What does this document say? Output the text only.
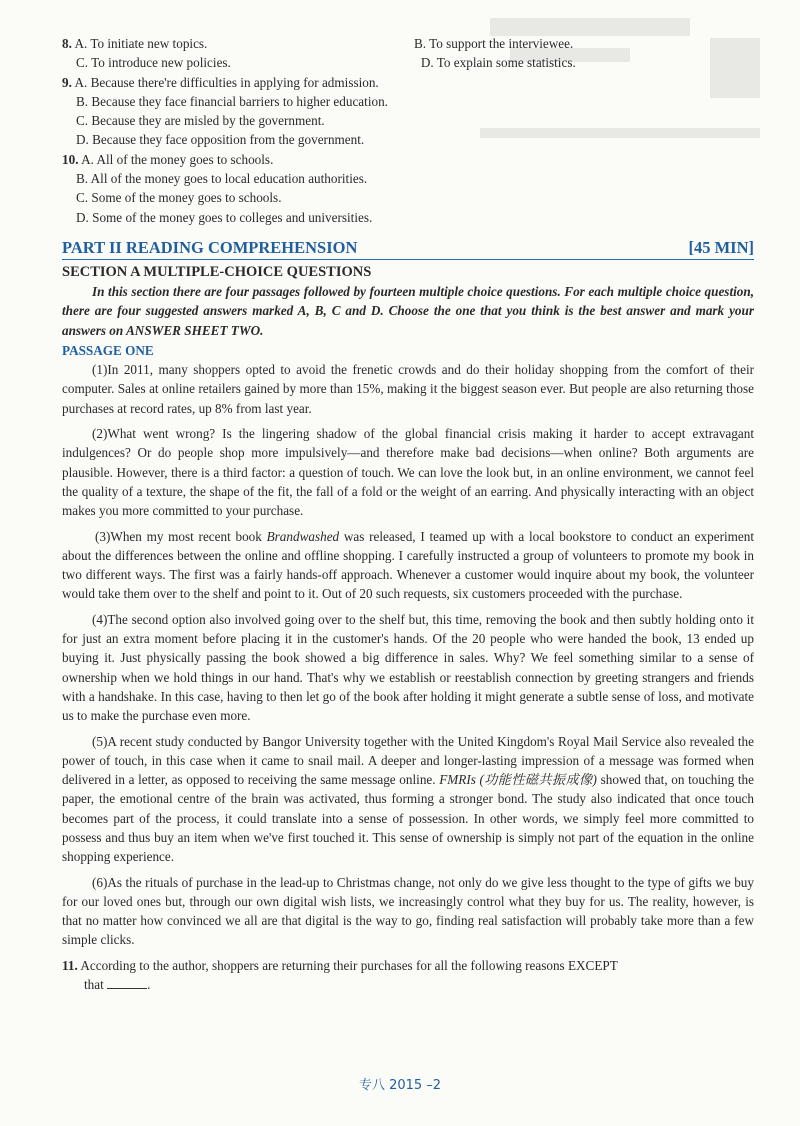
8. A. To initiate new topics.	B. To support the interviewee.
C. To introduce new policies.	D. To explain some statistics.
9. A. Because there're difficulties in applying for admission.
B. Because they face financial barriers to higher education.
C. Because they are misled by the government.
D. Because they face opposition from the government.
10. A. All of the money goes to schools.
B. All of the money goes to local education authorities.
C. Some of the money goes to schools.
D. Some of the money goes to colleges and universities.
PART II READING COMPREHENSION	[45 MIN]
SECTION A MULTIPLE-CHOICE QUESTIONS
In this section there are four passages followed by fourteen multiple choice questions. For each multiple choice question, there are four suggested answers marked A, B, C and D. Choose the one that you think is the best answer and mark your answers on ANSWER SHEET TWO.
PASSAGE ONE

(1)In 2011, many shoppers opted to avoid the frenetic crowds and do their holiday shopping from the comfort of their computer. Sales at online retailers gained by more than 15%, making it the biggest season ever. But people are also returning those purchases at record rates, up 8% from last year.

(2)What went wrong? Is the lingering shadow of the global financial crisis making it harder to accept extravagant indulgences? Or do people shop more impulsively—and therefore make bad decisions—when online? Both arguments are plausible. However, there is a third factor: a question of touch. We can love the look but, in an online environment, we cannot feel the quality of a texture, the shape of the fit, the fall of a fold or the weight of an earring. And physically interacting with an object makes you more committed to your purchase.

(3)When my most recent book Brandwashed was released, I teamed up with a local bookstore to conduct an experiment about the differences between the online and offline shopping. I carefully instructed a group of volunteers to promote my book in two different ways. The first was a fairly hands-off approach. Whenever a customer would inquire about my book, the volunteer would take them over to the shelf and point to it. Out of 20 such requests, six customers proceeded with the purchase.

(4)The second option also involved going over to the shelf but, this time, removing the book and then subtly holding onto it for just an extra moment before placing it in the customer's hands. Of the 20 people who were handed the book, 13 ended up buying it. Just physically passing the book showed a big difference in sales. Why? We feel something similar to a sense of ownership when we hold things in our hand. That's why we establish or reestablish connection by greeting strangers and friends with a handshake. In this case, having to then let go of the book after holding it might generate a subtle sense of loss, and motivate us to make the purchase even more.

(5)A recent study conducted by Bangor University together with the United Kingdom's Royal Mail Service also revealed the power of touch, in this case when it came to snail mail. A deeper and longer-lasting impression of a message was formed when delivered in a letter, as opposed to receiving the same message online. FMRIs (功能性磁共振成像) showed that, on touching the paper, the emotional centre of the brain was activated, thus forming a stronger bond. The study also indicated that once touch becomes part of the process, it could translate into a sense of possession. In other words, we simply feel more committed to possess and thus buy an item when we've first touched it. This sense of ownership is simply not part of the equation in the online shopping experience.

(6)As the rituals of purchase in the lead-up to Christmas change, not only do we give less thought to the type of gifts we buy for our loved ones but, through our own digital wish lists, we increasingly control what they buy for us. The reality, however, is that no matter how convinced we all are that digital is the way to go, finding real satisfaction will probably take more than a few simple clicks.

11. According to the author, shoppers are returning their purchases for all the following reasons EXCEPT
that	.
专八 2015 –2
